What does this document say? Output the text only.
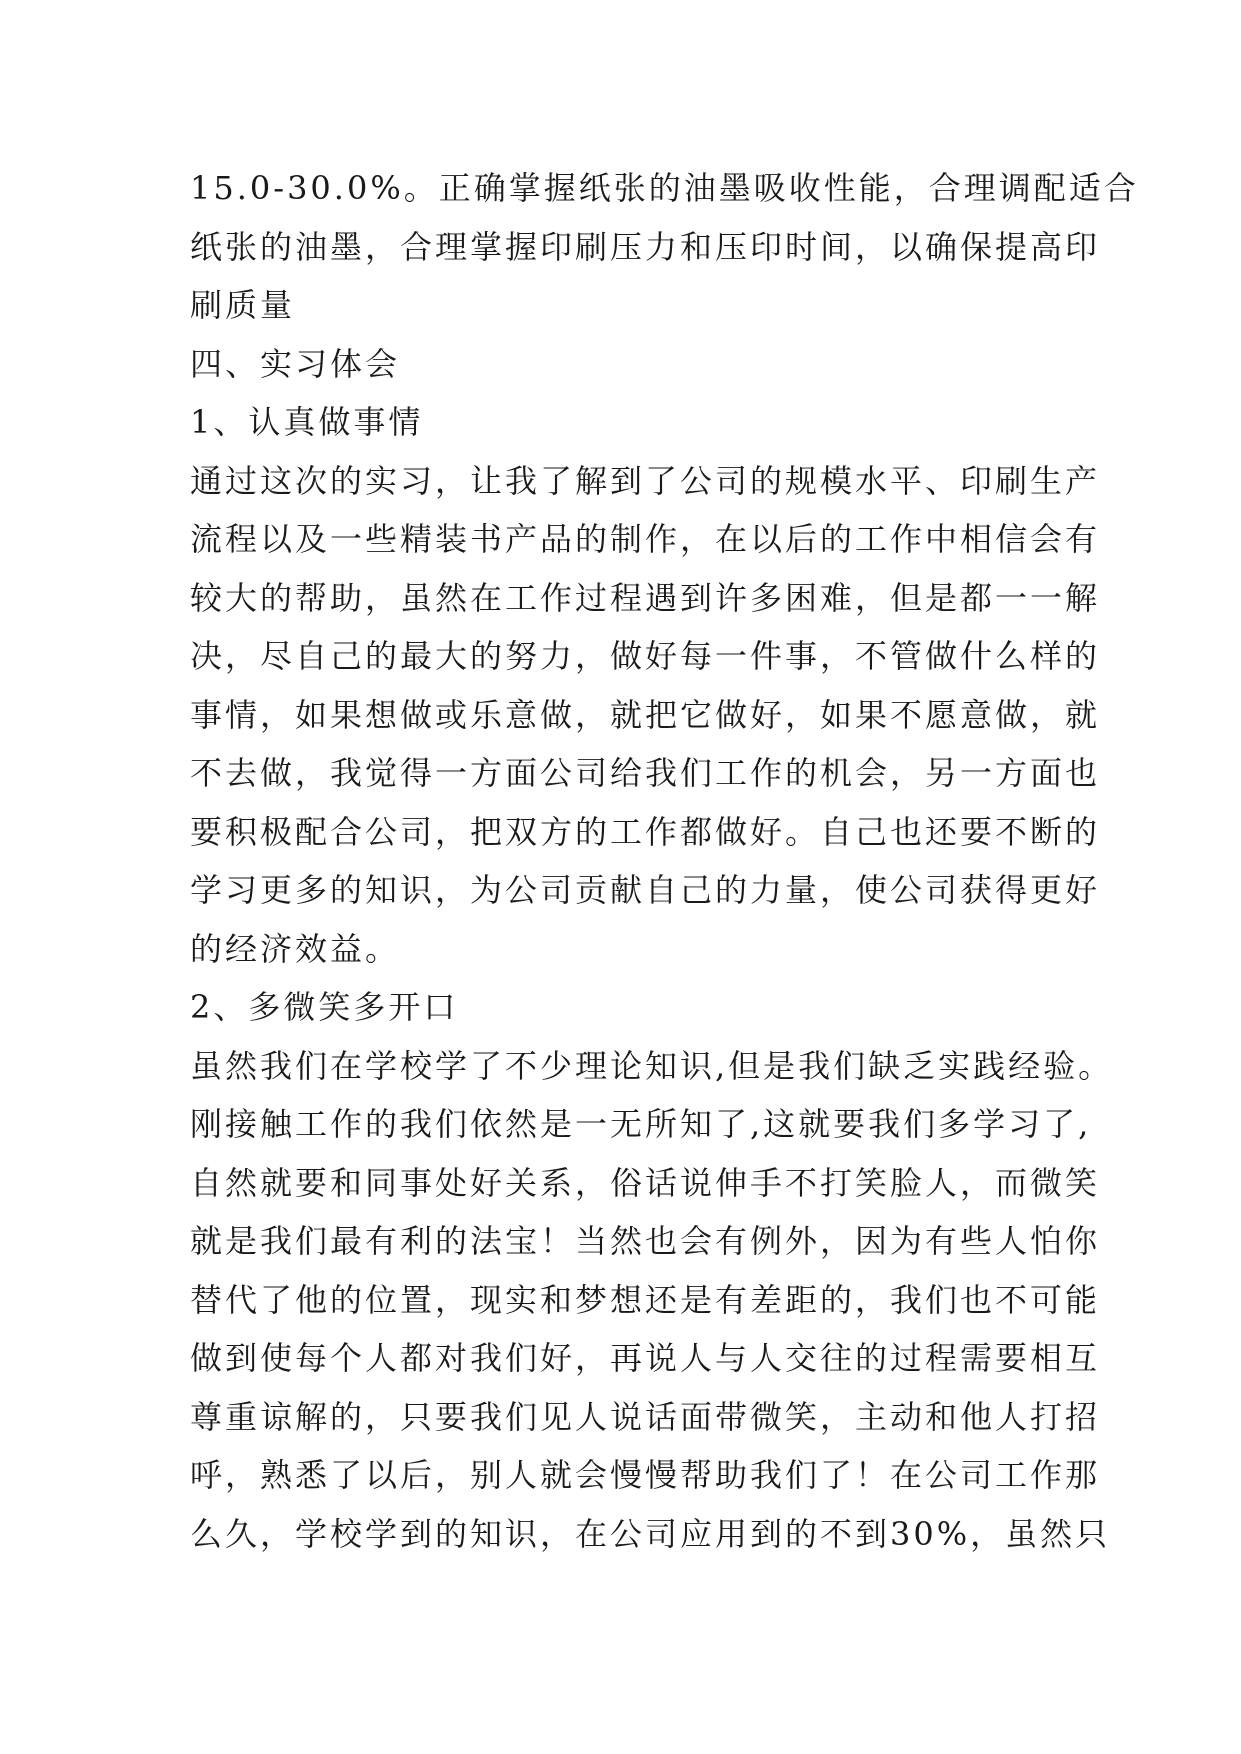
15.0-30.0%。正确掌握纸张的油墨吸收性能，合理调配适合
纸张的油墨，合理掌握印刷压力和压印时间，以确保提高印
刷质量
四、实习体会
1、认真做事情
通过这次的实习，让我了解到了公司的规模水平、印刷生产
流程以及一些精装书产品的制作，在以后的工作中相信会有
较大的帮助，虽然在工作过程遇到许多困难，但是都一一解
决，尽自己的最大的努力，做好每一件事，不管做什么样的
事情，如果想做或乐意做，就把它做好，如果不愿意做，就
不去做，我觉得一方面公司给我们工作的机会，另一方面也
要积极配合公司，把双方的工作都做好。自己也还要不断的
学习更多的知识，为公司贡献自己的力量，使公司获得更好
的经济效益。
2、多微笑多开口
虽然我们在学校学了不少理论知识,但是我们缺乏实践经验。
刚接触工作的我们依然是一无所知了,这就要我们多学习了,
自然就要和同事处好关系，俗话说伸手不打笑脸人，而微笑
就是我们最有利的法宝！当然也会有例外，因为有些人怕你
替代了他的位置，现实和梦想还是有差距的，我们也不可能
做到使每个人都对我们好，再说人与人交往的过程需要相互
尊重谅解的，只要我们见人说话面带微笑，主动和他人打招
呼，熟悉了以后，别人就会慢慢帮助我们了！在公司工作那
么久，学校学到的知识，在公司应用到的不到30%，虽然只
